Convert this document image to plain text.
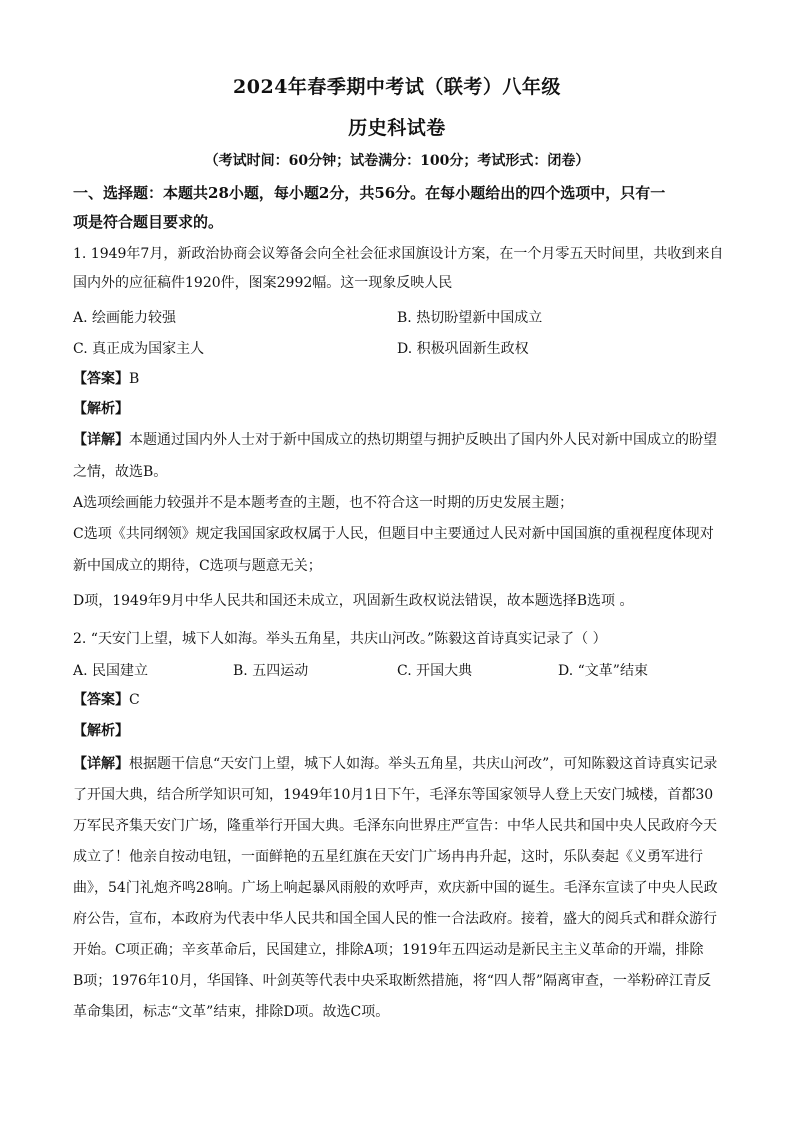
2024年春季期中考试（联考）八年级
历史科试卷
（考试时间：60分钟；试卷满分：100分；考试形式：闭卷）
一、选择题：本题共28小题，每小题2分，共56分。在每小题给出的四个选项中，只有一
项是符合题目要求的。
1. 1949年7月，新政治协商会议筹备会向全社会征求国旗设计方案，在一个月零五天时间里，共收到来自
国内外的应征稿件1920件，图案2992幅。这一现象反映人民
A. 绘画能力较强	B. 热切盼望新中国成立
C. 真正成为国家主人	D. 积极巩固新生政权
【答案】B
【解析】
【详解】本题通过国内外人士对于新中国成立的热切期望与拥护反映出了国内外人民对新中国成立的盼望
之情，故选B。
A选项绘画能力较强并不是本题考查的主题，也不符合这一时期的历史发展主题；
C选项《共同纲领》规定我国国家政权属于人民，但题目中主要通过人民对新中国国旗的重视程度体现对
新中国成立的期待，C选项与题意无关；
D项，1949年9月中华人民共和国还未成立，巩固新生政权说法错误，故本题选择B选项 。
2. “天安门上望，城下人如海。举头五角星，共庆山河改。”陈毅这首诗真实记录了（ ）
A. 民国建立	B. 五四运动	C. 开国大典	D. “文革”结束
【答案】C
【解析】
【详解】根据题干信息“天安门上望，城下人如海。举头五角星，共庆山河改”，可知陈毅这首诗真实记录
了开国大典，结合所学知识可知，1949年10月1日下午，毛泽东等国家领导人登上天安门城楼，首都30
万军民齐集天安门广场，隆重举行开国大典。毛泽东向世界庄严宣告：中华人民共和国中央人民政府今天
成立了！他亲自按动电钮，一面鲜艳的五星红旗在天安门广场冉冉升起，这时，乐队奏起《义勇军进行
曲》，54门礼炮齐鸣28响。广场上响起暴风雨般的欢呼声，欢庆新中国的诞生。毛泽东宣读了中央人民政
府公告，宣布，本政府为代表中华人民共和国全国人民的惟一合法政府。接着，盛大的阅兵式和群众游行
开始。C项正确；辛亥革命后，民国建立，排除A项；1919年五四运动是新民主主义革命的开端，排除
B项；1976年10月，华国锋、叶剑英等代表中央采取断然措施，将“四人帮”隔离审查，一举粉碎江青反
革命集团，标志“文革”结束，排除D项。故选C项。
